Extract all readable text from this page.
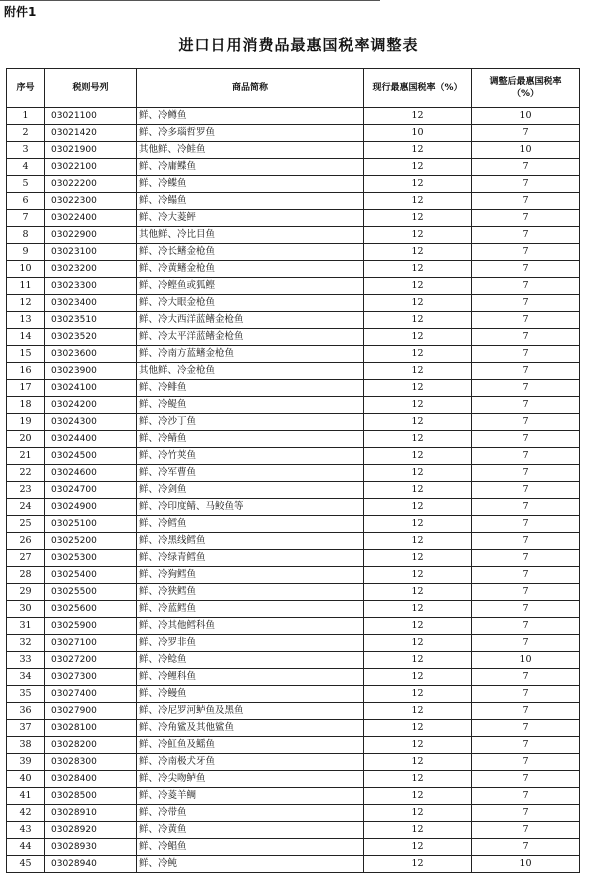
附件1
进口日用消费品最惠国税率调整表
序号	税则号列	商品简称	现行最惠国税率（%）	调整后最惠国税率（%）
1	03021100	鲜、冷鳟鱼	12	10
2	03021420	鲜、冷多瑙哲罗鱼	10	7
3	03021900	其他鲜、冷鲑鱼	12	10
4	03022100	鲜、冷庸鲽鱼	12	7
5	03022200	鲜、冷鲽鱼	12	7
6	03022300	鲜、冷鳎鱼	12	7
7	03022400	鲜、冷大菱鲆	12	7
8	03022900	其他鲜、冷比目鱼	12	7
9	03023100	鲜、冷长鳍金枪鱼	12	7
10	03023200	鲜、冷黄鳍金枪鱼	12	7
11	03023300	鲜、冷鲣鱼或狐鲣	12	7
12	03023400	鲜、冷大眼金枪鱼	12	7
13	03023510	鲜、冷大西洋蓝鳍金枪鱼	12	7
14	03023520	鲜、冷太平洋蓝鳍金枪鱼	12	7
15	03023600	鲜、冷南方蓝鳍金枪鱼	12	7
16	03023900	其他鲜、冷金枪鱼	12	7
17	03024100	鲜、冷鲱鱼	12	7
18	03024200	鲜、冷鳀鱼	12	7
19	03024300	鲜、冷沙丁鱼	12	7
20	03024400	鲜、冷鲭鱼	12	7
21	03024500	鲜、冷竹荚鱼	12	7
22	03024600	鲜、冷军曹鱼	12	7
23	03024700	鲜、冷剑鱼	12	7
24	03024900	鲜、冷印度鲭、马鲛鱼等	12	7
25	03025100	鲜、冷鳕鱼	12	7
26	03025200	鲜、冷黑线鳕鱼	12	7
27	03025300	鲜、冷绿青鳕鱼	12	7
28	03025400	鲜、冷狗鳕鱼	12	7
29	03025500	鲜、冷狭鳕鱼	12	7
30	03025600	鲜、冷蓝鳕鱼	12	7
31	03025900	鲜、冷其他鳕科鱼	12	7
32	03027100	鲜、冷罗非鱼	12	7
33	03027200	鲜、冷鲶鱼	12	10
34	03027300	鲜、冷鲤科鱼	12	7
35	03027400	鲜、冷鳗鱼	12	7
36	03027900	鲜、冷尼罗河鲈鱼及黑鱼	12	7
37	03028100	鲜、冷角鲨及其他鲨鱼	12	7
38	03028200	鲜、冷魟鱼及鳐鱼	12	7
39	03028300	鲜、冷南极犬牙鱼	12	7
40	03028400	鲜、冷尖吻鲈鱼	12	7
41	03028500	鲜、冷菱羊鲷	12	7
42	03028910	鲜、冷带鱼	12	7
43	03028920	鲜、冷黄鱼	12	7
44	03028930	鲜、冷鲳鱼	12	7
45	03028940	鲜、冷鲀	12	10
